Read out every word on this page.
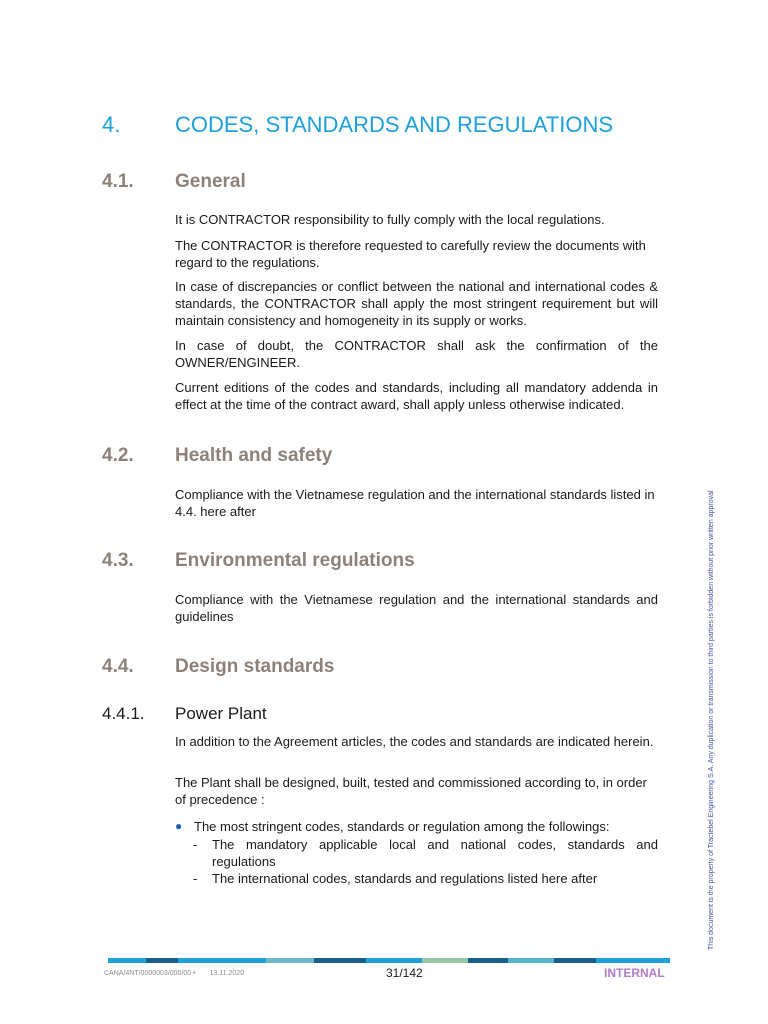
4. CODES, STANDARDS AND REGULATIONS
4.1. General

It is CONTRACTOR responsibility to fully comply with the local regulations.

The CONTRACTOR is therefore requested to carefully review the documents with regard to the regulations.

In case of discrepancies or conflict between the national and international codes & standards, the CONTRACTOR shall apply the most stringent requirement but will maintain consistency and homogeneity in its supply or works.

In case of doubt, the CONTRACTOR shall ask the confirmation of the OWNER/ENGINEER.

Current editions of the codes and standards, including all mandatory addenda in effect at the time of the contract award, shall apply unless otherwise indicated.

4.2. Health and safety

Compliance with the Vietnamese regulation and the international standards listed in 4.4. here after

4.3. Environmental regulations

Compliance with the Vietnamese regulation and the international standards and guidelines

4.4. Design standards
4.4.1. Power Plant

In addition to the Agreement articles, the codes and standards are indicated herein.

The Plant shall be designed, built, tested and commissioned according to, in order of precedence :

● The most stringent codes, standards or regulation among the followings:
- The mandatory applicable local and national codes, standards and regulations
- The international codes, standards and regulations listed here after	This document is the property of Tractebel Engineering S.A. Any duplication or transmission to third parties is forbidden without prior written approval
CANA/4NT/0000003/000/00 • 13.11.2020	31/142	INTERNAL
